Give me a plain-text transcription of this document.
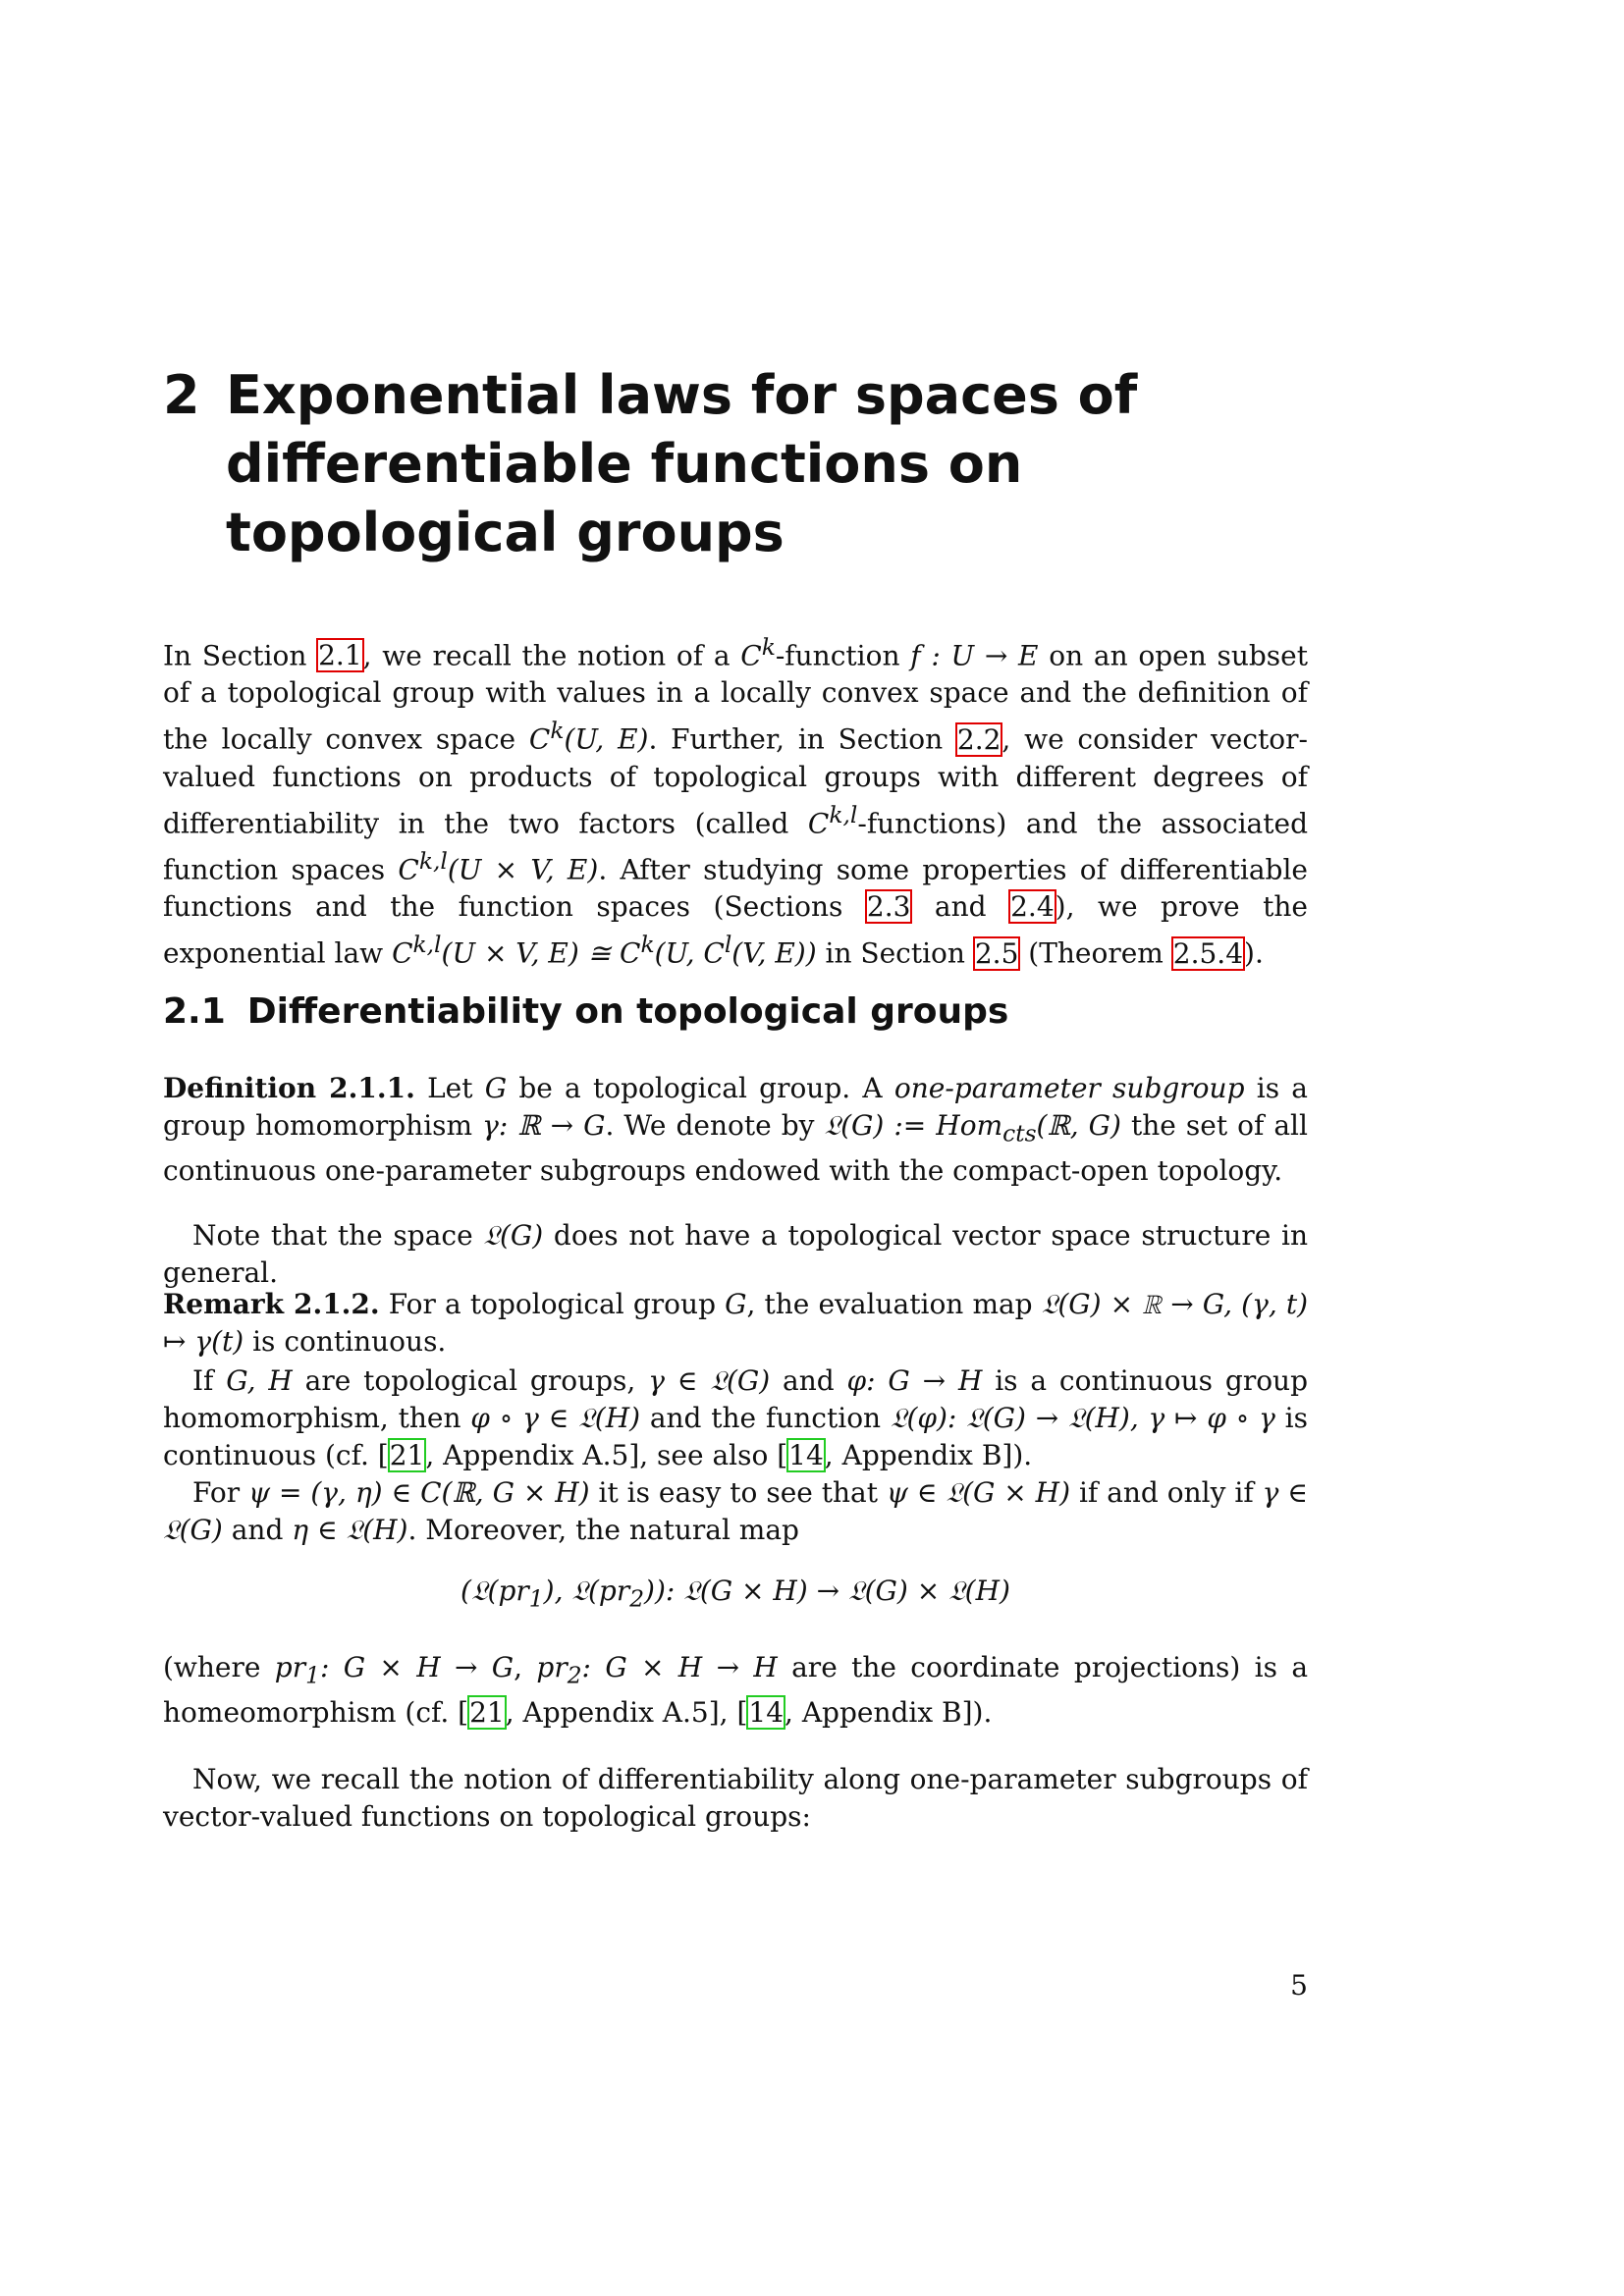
2 Exponential laws for spaces of differentiable functions on topological groups

In Section 2.1, we recall the notion of a $C^k$-function f : U → E on an open subset of a topological group with values in a locally convex space and the definition of the locally convex space $C^k(U$, E). Further, in Section 2.2, we consider vector-valued functions on products of topological groups with different degrees of differentiability in the two factors (called C$^{k,l}$-functions) and the associated function spaces C$^{k,l}$(U × V, E). After studying some properties of differentiable functions and the function spaces (Sections 2.3 and 2.4), we prove the exponential law C$^{k,l}$(U × V, E) ≅ $C^k(U$, $C^l(V$, E)) in Section 2.5 (Theorem 2.5.4).

2.1 Differentiability on topological groups

Definition 2.1.1. Let G be a topological group. A one-parameter subgroup is a group homomorphism γ: ℝ → G. We denote by 𝔏(G) := Hom$_{cts}$(ℝ, G) the set of all continuous one-parameter subgroups endowed with the compact-open topology.

Note that the space 𝔏(G) does not have a topological vector space structure in general.

Remark 2.1.2. For a topological group G, the evaluation map 𝔏(G) × ℝ → G, (γ, t) ↦ γ(t) is continuous.

If G, H are topological groups, γ ∈ 𝔏(G) and φ: G → H is a continuous group homomorphism, then φ ∘ γ ∈ 𝔏(H) and the function 𝔏(φ): 𝔏(G) → 𝔏(H), γ ↦ φ ∘ γ is continuous (cf. [21, Appendix A.5], see also [14, Appendix B]).

For ψ = (γ, η) ∈ C(ℝ, G × H) it is easy to see that ψ ∈ 𝔏(G × H) if and only if γ ∈ 𝔏(G) and η ∈ 𝔏(H). Moreover, the natural map

($𝔏(pr_1)$, $𝔏(pr_2)$): 𝔏(G × H) → 𝔏(G) × 𝔏(H)

(where $pr_1$: G × H → G, $pr_2$: G × H → H are the coordinate projections) is a homeomorphism (cf. [21, Appendix A.5], [14, Appendix B]).

Now, we recall the notion of differentiability along one-parameter subgroups of vector-valued functions on topological groups:

5
